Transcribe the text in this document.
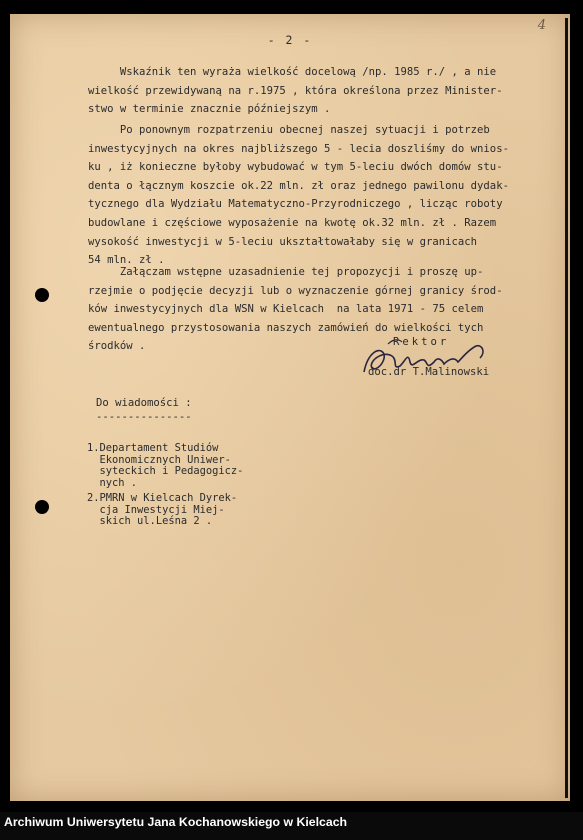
4
- 2 -
Wskaźnik ten wyraża wielkość docelową /np. 1985 r./ , a nie
wielkość przewidywaną na r.1975 , która określona przez Minister-
stwo w terminie znacznie późniejszym .
Po ponownym rozpatrzeniu obecnej naszej sytuacji i potrzeb
inwestycyjnych na okres najbliższego 5 - lecia doszliśmy do wnios-
ku , iż konieczne byłoby wybudować w tym 5-leciu dwóch domów stu-
denta o łącznym koszcie ok.22 mln. zł oraz jednego pawilonu dydak-
tycznego dla Wydziału Matematyczno-Przyrodniczego , licząc roboty
budowlane i częściowe wyposażenie na kwotę ok.32 mln. zł . Razem
wysokość inwestycji w 5-leciu ukształtowałaby się w granicach
54 mln. zł .
Załączam wstępne uzasadnienie tej propozycji i proszę up-
rzejmie o podjęcie decyzji lub o wyznaczenie górnej granicy środ-
ków inwestycyjnych dla WSN w Kielcach  na lata 1971 - 75 celem
ewentualnego przystosowania naszych zamówień do wielkości tych
środków .	Rektor
doc.dr T.Malinowski
Do wiadomości :
---------------
1.Departament Studiów
Ekonomicznych Uniwer-
syteckich i Pedagogicz-
nych .
2.PMRN w Kielcach Dyrek-
cja Inwestycji Miej-
skich ul.Leśna 2 .
Archiwum Uniwersytetu Jana Kochanowskiego w Kielcach
